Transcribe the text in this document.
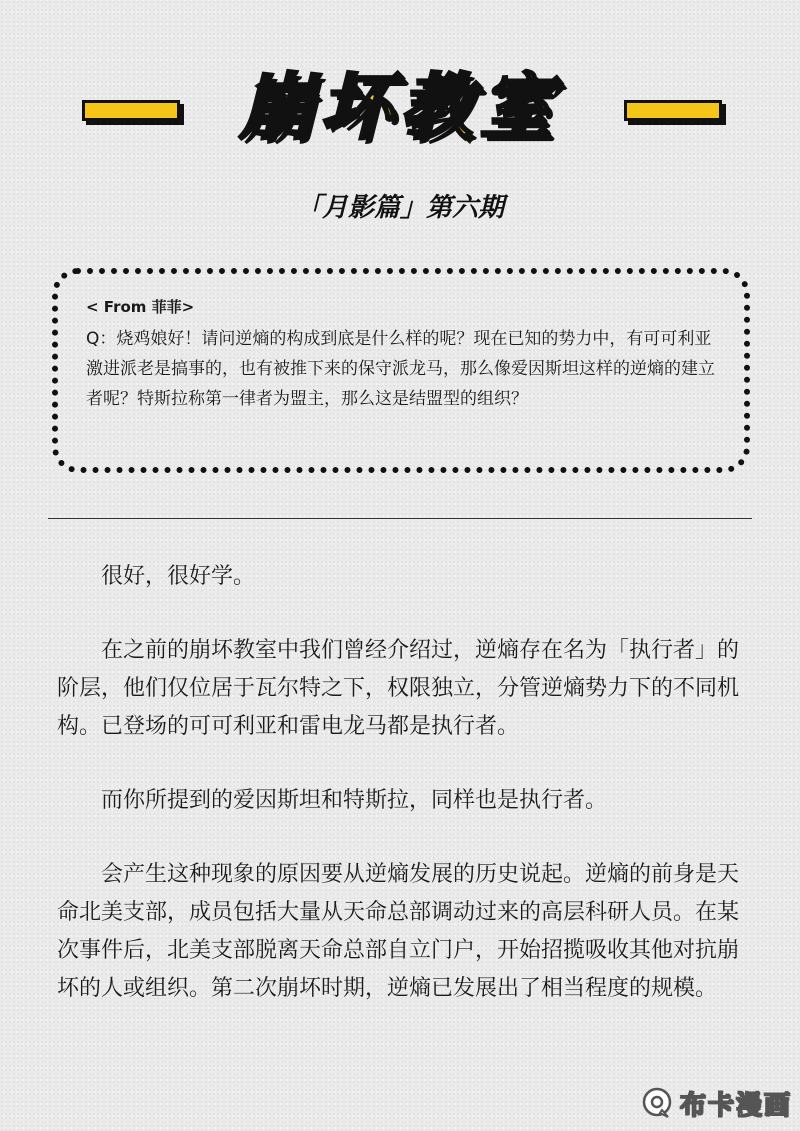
崩坏教室
「月影篇」第六期
< From 菲菲>

Q：烧鸡娘好！请问逆熵的构成到底是什么样的呢？现在已知的势力中，有可可利亚激进派老是搞事的，也有被推下来的保守派龙马，那么像爱因斯坦这样的逆熵的建立者呢？特斯拉称第一律者为盟主，那么这是结盟型的组织？

很好，很好学。

在之前的崩坏教室中我们曾经介绍过，逆熵存在名为「执行者」的阶层，他们仅位居于瓦尔特之下，权限独立，分管逆熵势力下的不同机构。已登场的可可利亚和雷电龙马都是执行者。

而你所提到的爱因斯坦和特斯拉，同样也是执行者。

会产生这种现象的原因要从逆熵发展的历史说起。逆熵的前身是天命北美支部，成员包括大量从天命总部调动过来的高层科研人员。在某次事件后，北美支部脱离天命总部自立门户，开始招揽吸收其他对抗崩坏的人或组织。第二次崩坏时期，逆熵已发展出了相当程度的规模。

布卡漫画
